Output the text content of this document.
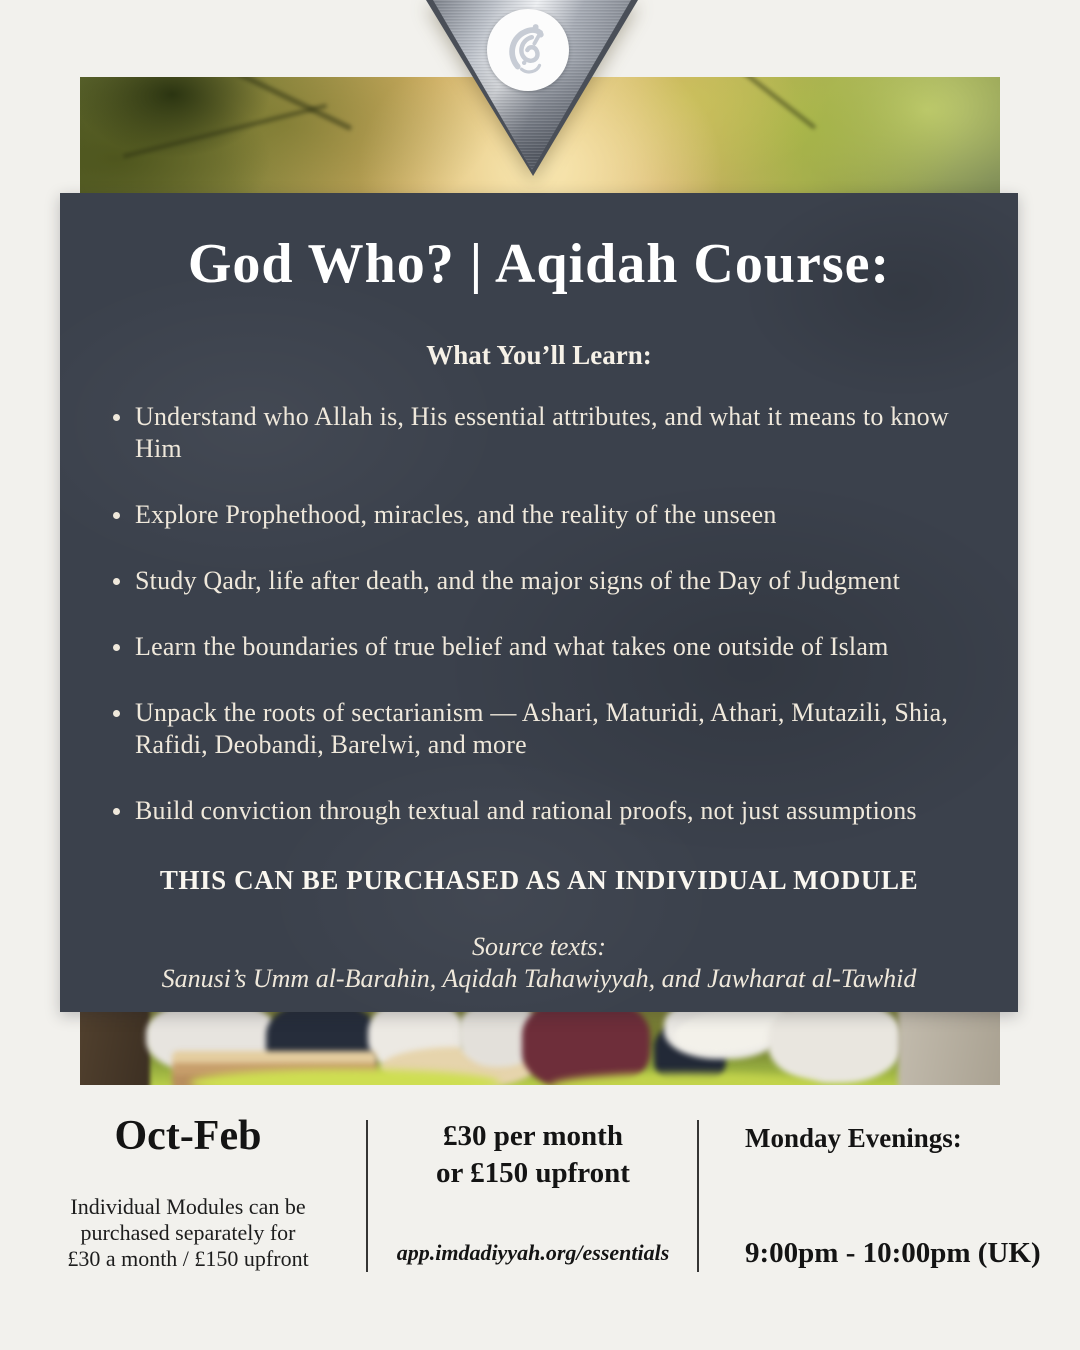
God Who? | Aqidah Course:
What You’ll Learn:
Understand who Allah is, His essential attributes, and what it means to know Him
Explore Prophethood, miracles, and the reality of the unseen
Study Qadr, life after death, and the major signs of the Day of Judgment
Learn the boundaries of true belief and what takes one outside of Islam
Unpack the roots of sectarianism — Ashari, Maturidi, Athari, Mutazili, Shia, Rafidi, Deobandi, Barelwi, and more
Build conviction through textual and rational proofs, not just assumptions
THIS CAN BE PURCHASED AS AN INDIVIDUAL MODULE
Source texts:
Sanusi’s Umm al-Barahin, Aqidah Tahawiyyah, and Jawharat al-Tawhid
Oct-Feb
Individual Modules can be
purchased separately for
£30 a month / £150 upfront
£30 per month
or £150 upfront
app.imdadiyyah.org/essentials
Monday Evenings:
9:00pm - 10:00pm (UK)
